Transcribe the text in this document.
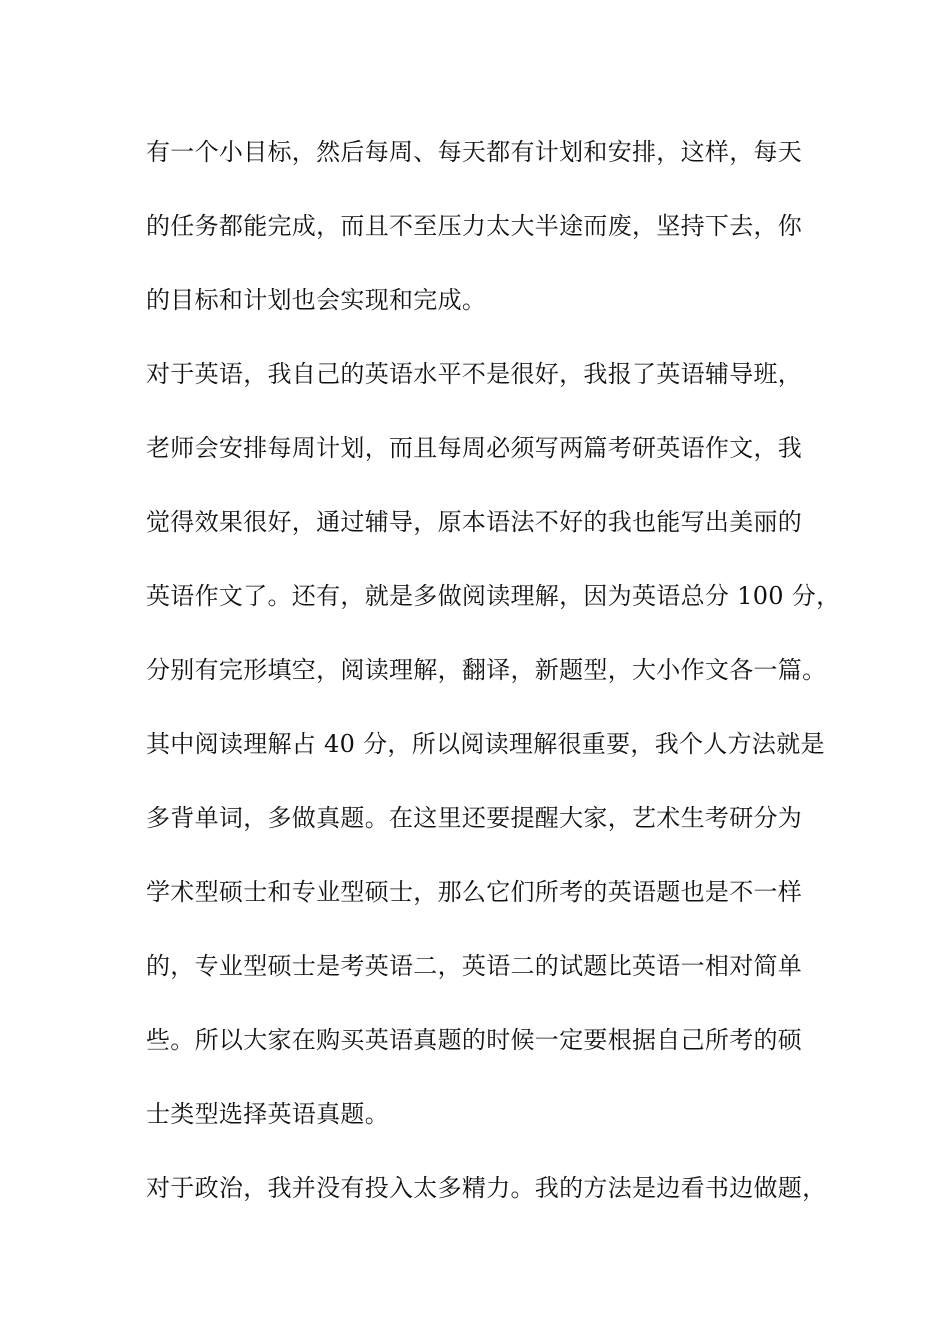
有一个小目标，然后每周、每天都有计划和安排，这样，每天
的任务都能完成，而且不至压力太大半途而废，坚持下去，你
的目标和计划也会实现和完成。
对于英语，我自己的英语水平不是很好，我报了英语辅导班，
老师会安排每周计划，而且每周必须写两篇考研英语作文，我
觉得效果很好，通过辅导，原本语法不好的我也能写出美丽的
英语作文了。还有，就是多做阅读理解，因为英语总分 100 分，
分别有完形填空，阅读理解，翻译，新题型，大小作文各一篇。
其中阅读理解占 40 分，所以阅读理解很重要，我个人方法就是
多背单词，多做真题。在这里还要提醒大家，艺术生考研分为
学术型硕士和专业型硕士，那么它们所考的英语题也是不一样
的，专业型硕士是考英语二，英语二的试题比英语一相对简单
些。所以大家在购买英语真题的时候一定要根据自己所考的硕
士类型选择英语真题。
对于政治，我并没有投入太多精力。我的方法是边看书边做题，
